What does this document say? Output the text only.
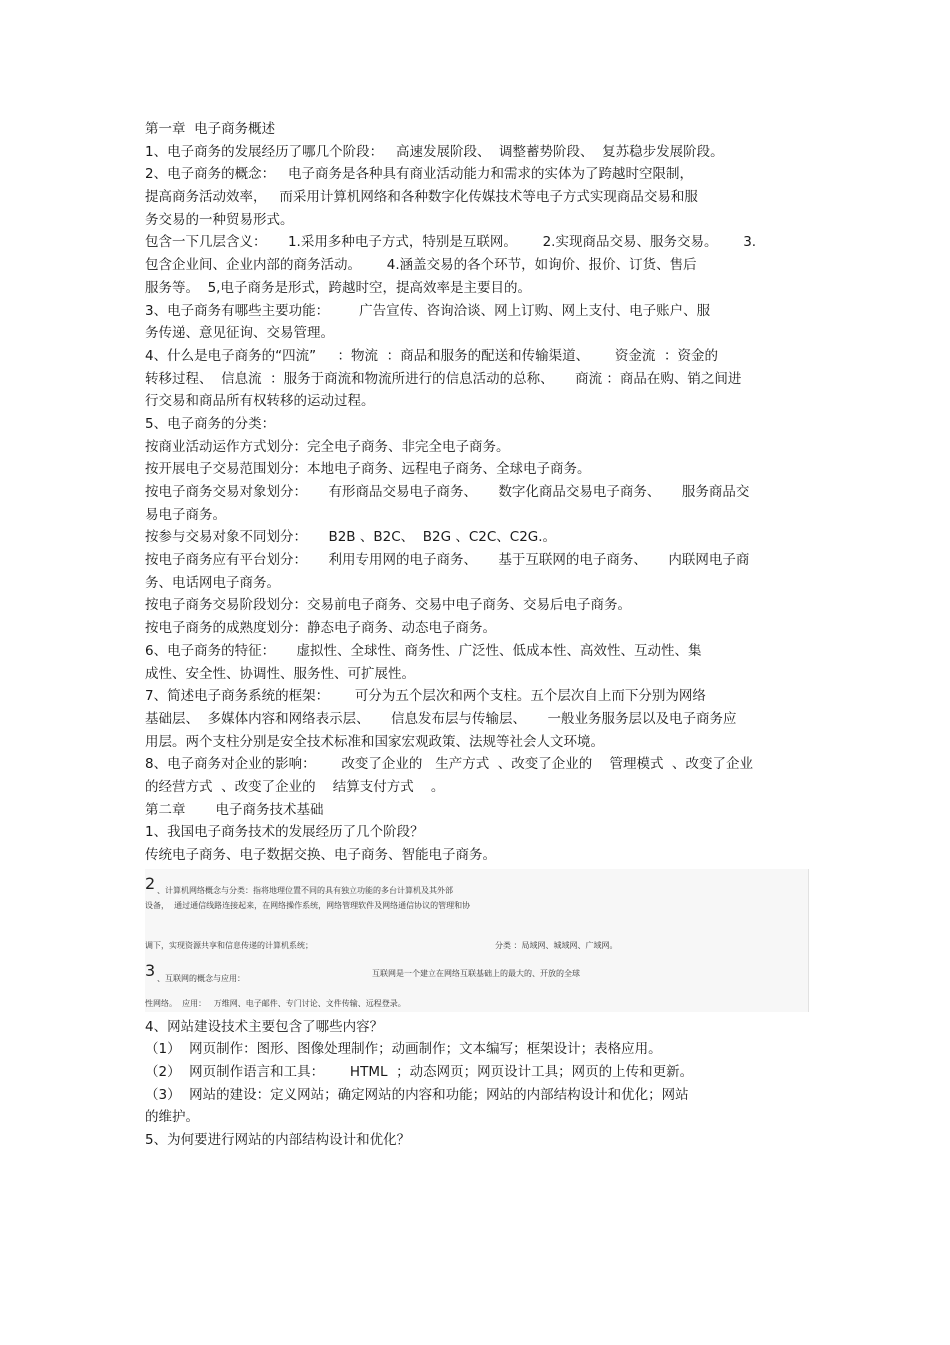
第一章  电子商务概述

1、电子商务的发展经历了哪几个阶段：   高速发展阶段、  调整蓄势阶段、  复苏稳步发展阶段。

2、电子商务的概念：   电子商务是各种具有商业活动能力和需求的实体为了跨越时空限制，

提高商务活动效率，   而采用计算机网络和各种数字化传媒技术等电子方式实现商品交易和服

务交易的一种贸易形式。

包含一下几层含义：     1.采用多种电子方式，特别是互联网。      2.实现商品交易、服务交易。      3.

包含企业间、企业内部的商务活动。      4.涵盖交易的各个环节，如询价、报价、订货、售后

服务等。  5,电子商务是形式，跨越时空，提高效率是主要目的。

3、电子商务有哪些主要功能：       广告宣传、咨询洽谈、网上订购、网上支付、电子账户、服

务传递、意见征询、交易管理。

4、什么是电子商务的“四流”     ：物流  ：商品和服务的配送和传输渠道、      资金流  ：资金的

转移过程、  信息流  ：服务于商流和物流所进行的信息活动的总称、     商流 ：商品在购、销之间进

行交易和商品所有权转移的运动过程。

5、电子商务的分类：

按商业活动运作方式划分：完全电子商务、非完全电子商务。

按开展电子交易范围划分：本地电子商务、远程电子商务、全球电子商务。

按电子商务交易对象划分：     有形商品交易电子商务、     数字化商品交易电子商务、     服务商品交

易电子商务。

按参与交易对象不同划分：     B2B 、B2C、  B2G 、C2C、C2G.。

按电子商务应有平台划分：     利用专用网的电子商务、     基于互联网的电子商务、     内联网电子商

务、电话网电子商务。

按电子商务交易阶段划分：交易前电子商务、交易中电子商务、交易后电子商务。

按电子商务的成熟度划分：静态电子商务、动态电子商务。

6、电子商务的特征：     虚拟性、全球性、商务性、广泛性、低成本性、高效性、互动性、集

成性、安全性、协调性、服务性、可扩展性。

7、简述电子商务系统的框架：      可分为五个层次和两个支柱。五个层次自上而下分别为网络

基础层、  多媒体内容和网络表示层、     信息发布层与传输层、     一般业务服务层以及电子商务应

用层。两个支柱分别是安全技术标准和国家宏观政策、法规等社会人文环境。

8、电子商务对企业的影响：      改变了企业的   生产方式  、改变了企业的    管理模式  、改变了企业

的经营方式  、改变了企业的    结算支付方式    。

第二章       电子商务技术基础

1、我国电子商务技术的发展经历了几个阶段？

传统电子商务、电子数据交换、电子商务、智能电子商务。

2 、计算机网络概念与分类：指将地理位置不同的具有独立功能的多台计算机及其外部
设备，  通过通信线路连接起来，在网络操作系统，网络管理软件及网络通信协议的管理和协
调下，实现资源共享和信息传递的计算机系统；	分类 ：局域网、城域网、广域网。
3 、互联网的概念与应用：
互联网是一个建立在网络互联基础上的最大的、开放的全球
性网络。  应用：   万维网、电子邮件、专门讨论、文件传输、远程登录。

4、网站建设技术主要包含了哪些内容？

（1）  网页制作：图形、图像处理制作；动画制作；文本编写；框架设计；表格应用。

（2）  网页制作语言和工具：      HTML  ；动态网页；网页设计工具；网页的上传和更新。

（3）  网站的建设：定义网站；确定网站的内容和功能；网站的内部结构设计和优化；网站

的维护。

5、为何要进行网站的内部结构设计和优化？
